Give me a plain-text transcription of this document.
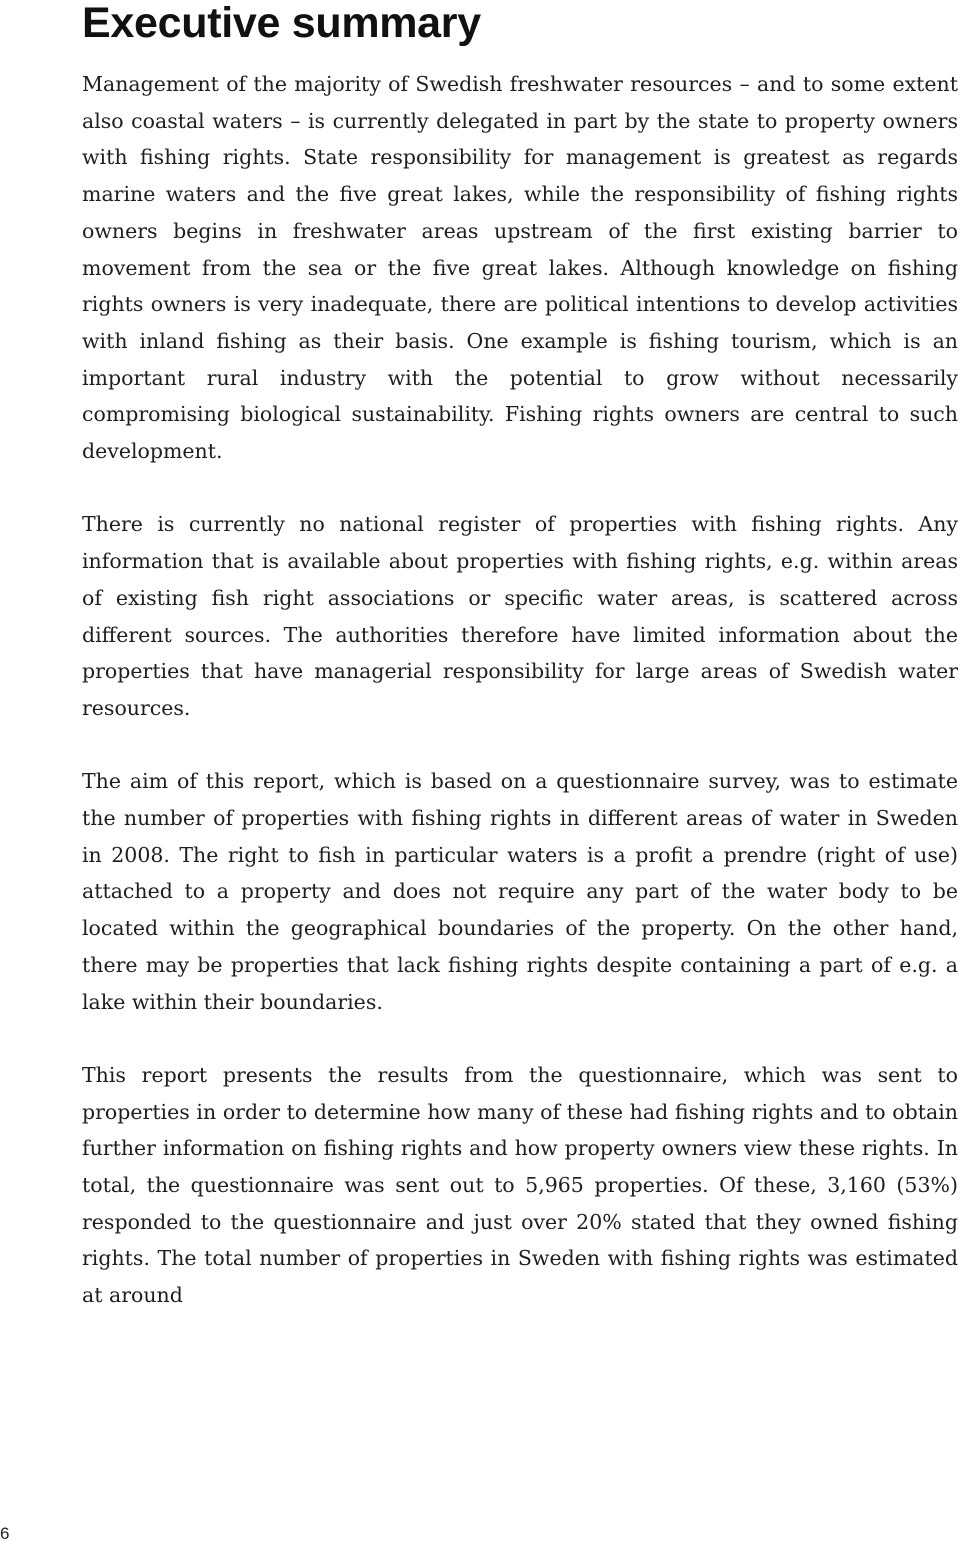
Executive summary

Management of the majority of Swedish freshwater resources – and to some extent also coastal waters – is currently delegated in part by the state to property owners with fishing rights. State responsibility for management is greatest as regards marine waters and the five great lakes, while the responsibility of fishing rights owners begins in freshwater areas upstream of the first existing barrier to movement from the sea or the five great lakes. Although knowledge on fishing rights owners is very inadequate, there are political intentions to develop activities with inland fishing as their basis. One example is fishing tourism, which is an important rural industry with the potential to grow without necessarily compromising biological sustainability. Fishing rights owners are central to such development.

There is currently no national register of properties with fishing rights. Any information that is available about properties with fishing rights, e.g. within areas of existing fish right associations or specific water areas, is scattered across different sources. The authorities therefore have limited information about the properties that have managerial responsibility for large areas of Swedish water resources.

The aim of this report, which is based on a questionnaire survey, was to estimate the number of properties with fishing rights in different areas of water in Sweden in 2008. The right to fish in particular waters is a profit a prendre (right of use) attached to a property and does not require any part of the water body to be located within the geographical boundaries of the property. On the other hand, there may be properties that lack fishing rights despite containing a part of e.g. a lake within their boundaries.

This report presents the results from the questionnaire, which was sent to properties in order to determine how many of these had fishing rights and to obtain further information on fishing rights and how property owners view these rights. In total, the questionnaire was sent out to 5,965 properties. Of these, 3,160 (53%) responded to the questionnaire and just over 20% stated that they owned fishing rights. The total number of properties in Sweden with fishing rights was estimated at around

6
